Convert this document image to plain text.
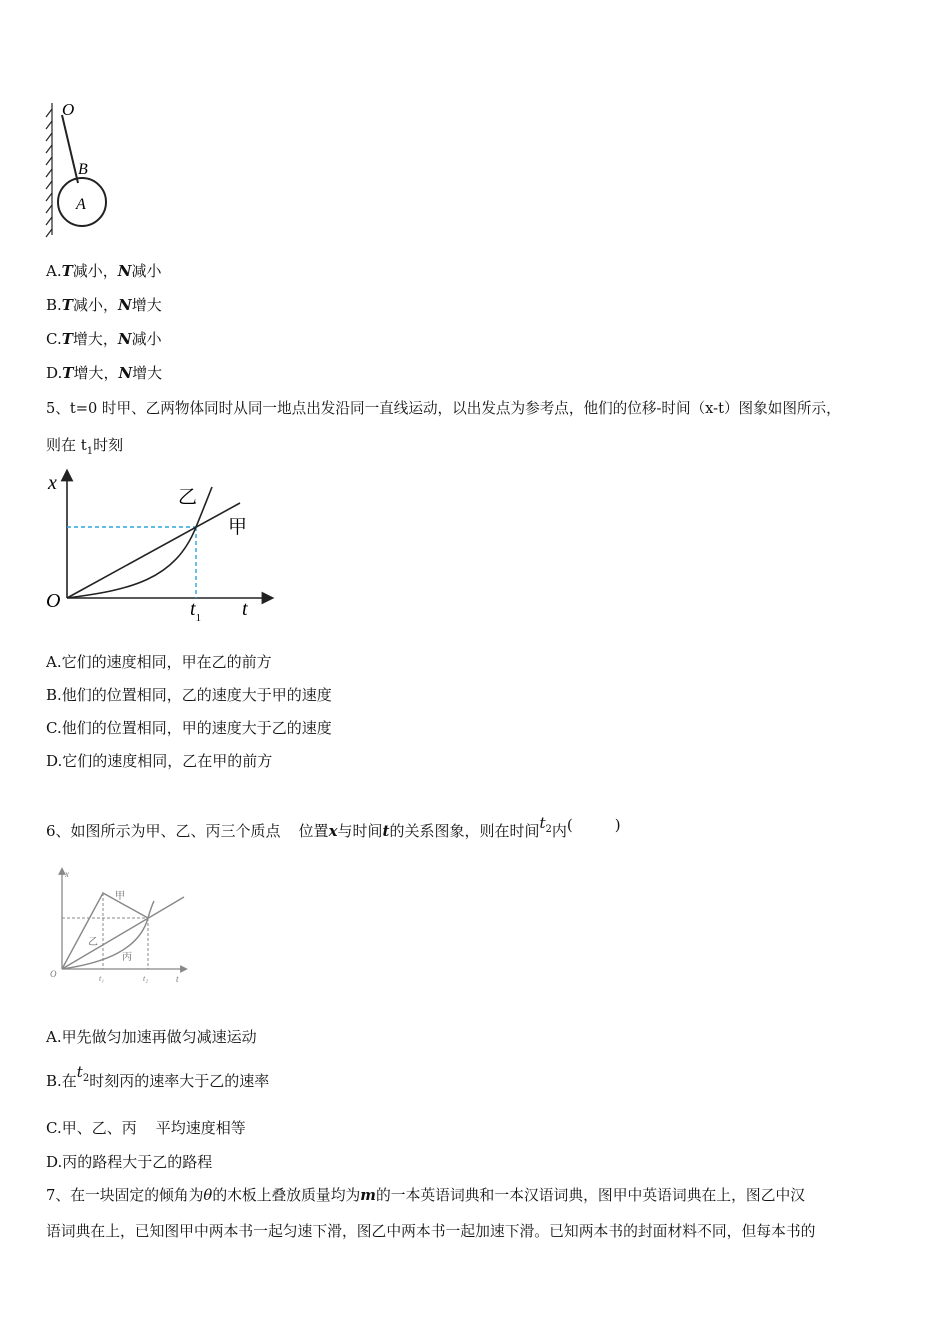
O
B
A
A.T减小，N减小
B.T减小，N增大
C.T增大，N减小
D.T增大，N增大
5、t=0 时甲、乙两物体同时从同一地点出发沿同一直线运动，以出发点为参考点，他们的位移-时间（x-t）图象如图所示，
则在 $t_1$时刻
x
t
O	$t_1$
甲
乙
A.它们的速度相同，甲在乙的前方
B.他们的位置相同，乙的速度大于甲的速度
C.他们的位置相同，甲的速度大于乙的速度
D.它们的速度相同，乙在甲的前方
6、如图所示为甲、乙、丙三个质点 位置x与时间t的关系图象，则在时间$t_2$内(	)
x
t
O	t₁	t₂
甲
乙
丙
A.甲先做匀加速再做匀减速运动
B.在$t_2$时刻丙的速率大于乙的速率
C.甲、乙、丙    平均速度相等
D.丙的路程大于乙的路程
7、在一块固定的倾角为θ的木板上叠放质量均为m的一本英语词典和一本汉语词典，图甲中英语词典在上，图乙中汉
语词典在上，已知图甲中两本书一起匀速下滑，图乙中两本书一起加速下滑。已知两本书的封面材料不同，但每本书的
